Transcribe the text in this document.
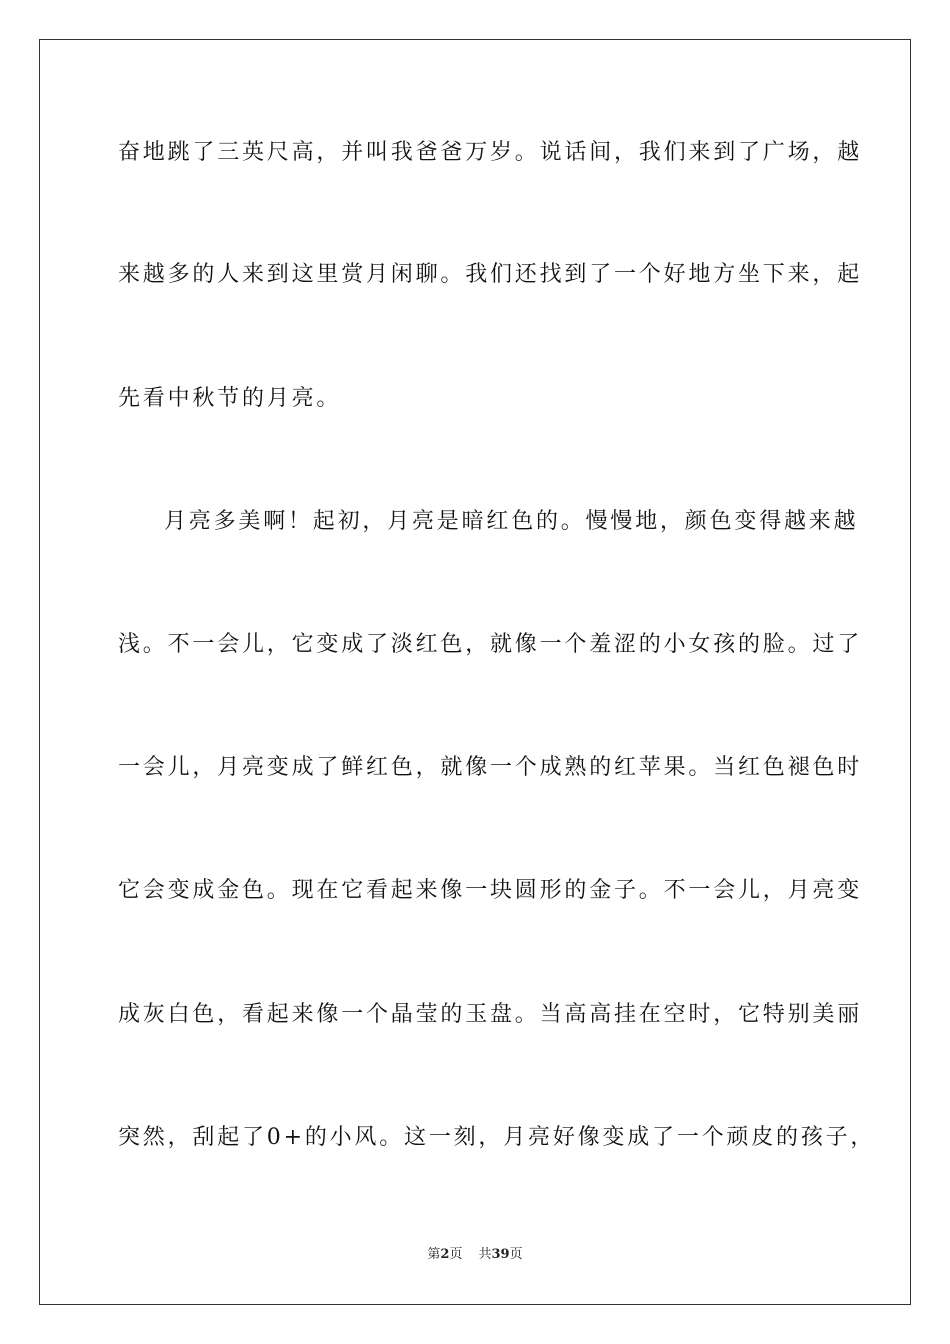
奋地跳了三英尺高，并叫我爸爸万岁。说话间，我们来到了广场，越
来越多的人来到这里赏月闲聊。我们还找到了一个好地方坐下来，起
先看中秋节的月亮。
月亮多美啊！起初，月亮是暗红色的。慢慢地，颜色变得越来越
浅。不一会儿，它变成了淡红色，就像一个羞涩的小女孩的脸。过了
一会儿，月亮变成了鲜红色，就像一个成熟的红苹果。当红色褪色时
它会变成金色。现在它看起来像一块圆形的金子。不一会儿，月亮变
成灰白色，看起来像一个晶莹的玉盘。当高高挂在空时，它特别美丽
突然，刮起了0+的小风。这一刻，月亮好像变成了一个顽皮的孩子，
第2页 共39页
